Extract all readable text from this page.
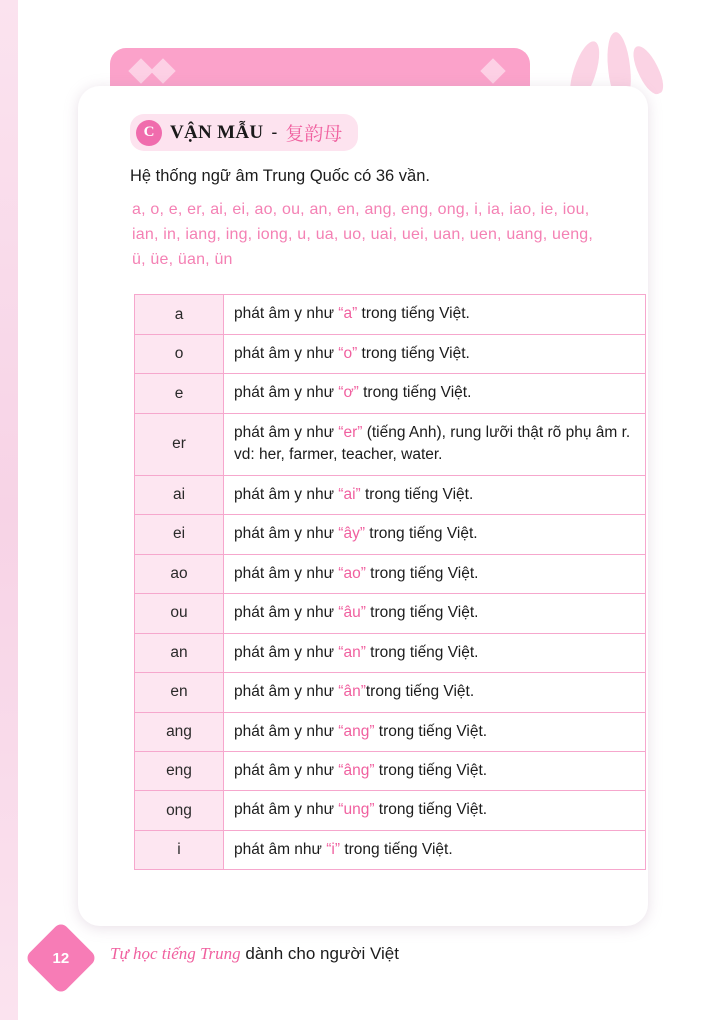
C VẬN MẪU - 复韵母
Hệ thống ngữ âm Trung Quốc có 36 vần.
a, o, e, er, ai, ei, ao, ou, an, en, ang, eng, ong, i, ia, iao, ie, iou, ian, in, iang, ing, iong, u, ua, uo, uai, uei, uan, uen, uang, ueng, ü, üe, üan, ün
a	phát âm y như “a” trong tiếng Việt.
o	phát âm y như “o” trong tiếng Việt.
e	phát âm y như “ơ” trong tiếng Việt.
er	phát âm y như “er” (tiếng Anh), rung lưỡi thật rõ phụ âm r. vd: her, farmer, teacher, water.
ai	phát âm y như “ai” trong tiếng Việt.
ei	phát âm y như “ây” trong tiếng Việt.
ao	phát âm y như “ao” trong tiếng Việt.
ou	phát âm y như “âu” trong tiếng Việt.
an	phát âm y như “an” trong tiếng Việt.
en	phát âm y như “ân”trong tiếng Việt.
ang	phát âm y như “ang” trong tiếng Việt.
eng	phát âm y như “âng” trong tiếng Việt.
ong	phát âm y như “ung” trong tiếng Việt.
i	phát âm như “i” trong tiếng Việt.
12 Tự học tiếng Trung dành cho người Việt
